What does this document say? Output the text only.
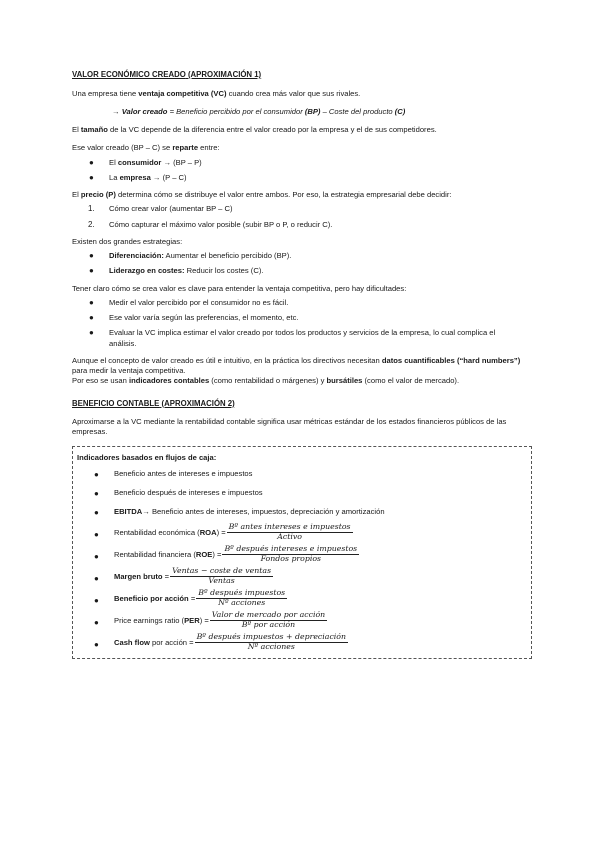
VALOR ECONÓMICO CREADO (APROXIMACIÓN 1)

Una empresa tiene ventaja competitiva (VC) cuando crea más valor que sus rivales.

→ Valor creado = Beneficio percibido por el consumidor (BP) – Coste del producto (C)

El tamaño de la VC depende de la diferencia entre el valor creado por la empresa y el de sus competidores.

Ese valor creado (BP – C) se reparte entre:

● El consumidor → (BP – P)
● La empresa → (P – C)

El precio (P) determina cómo se distribuye el valor entre ambos. Por eso, la estrategia empresarial debe decidir:

1. Cómo crear valor (aumentar BP – C)
2. Cómo capturar el máximo valor posible (subir BP o P, o reducir C).

Existen dos grandes estrategias:

● Diferenciación: Aumentar el beneficio percibido (BP).
● Liderazgo en costes: Reducir los costes (C).

Tener claro cómo se crea valor es clave para entender la ventaja competitiva, pero hay dificultades:

● Medir el valor percibido por el consumidor no es fácil.
● Ese valor varía según las preferencias, el momento, etc.
● Evaluar la VC implica estimar el valor creado por todos los productos y servicios de la empresa, lo cual complica el análisis.

Aunque el concepto de valor creado es útil e intuitivo, en la práctica los directivos necesitan datos cuantificables (“hard numbers”) para medir la ventaja competitiva.

Por eso se usan indicadores contables (como rentabilidad o márgenes) y bursátiles (como el valor de mercado).

BENEFICIO CONTABLE (APROXIMACIÓN 2)

Aproximarse a la VC mediante la rentabilidad contable significa usar métricas estándar de los estados financieros públicos de las empresas.

Indicadores basados en flujos de caja:

● Beneficio antes de intereses e impuestos
● Beneficio después de intereses e impuestos
● EBITDA → Beneficio antes de intereses, impuestos, depreciación y amortización
● Rentabilidad económica $(ROA) = \frac{\text{Bº antes intereses e impuestos}}{\text{Activo}}$
● Rentabilidad financiera $(ROE) = \frac{\text{Bº después intereses e impuestos}}{\text{Fondos propios}}$
● Margen bruto = $\frac{\text{Ventas − coste de ventas}}{\text{Ventas}}$
● Beneficio por acción = $\frac{\text{Bº después impuestos}}{\text{Nº acciones}}$
● Price earnings ratio $(PER) = \frac{\text{Valor de mercado por acción}}{\text{Bº por acción}}$
● Cash flow por acción = $\frac{\text{Bº después impuestos + depreciación}}{\text{Nº acciones}}$
